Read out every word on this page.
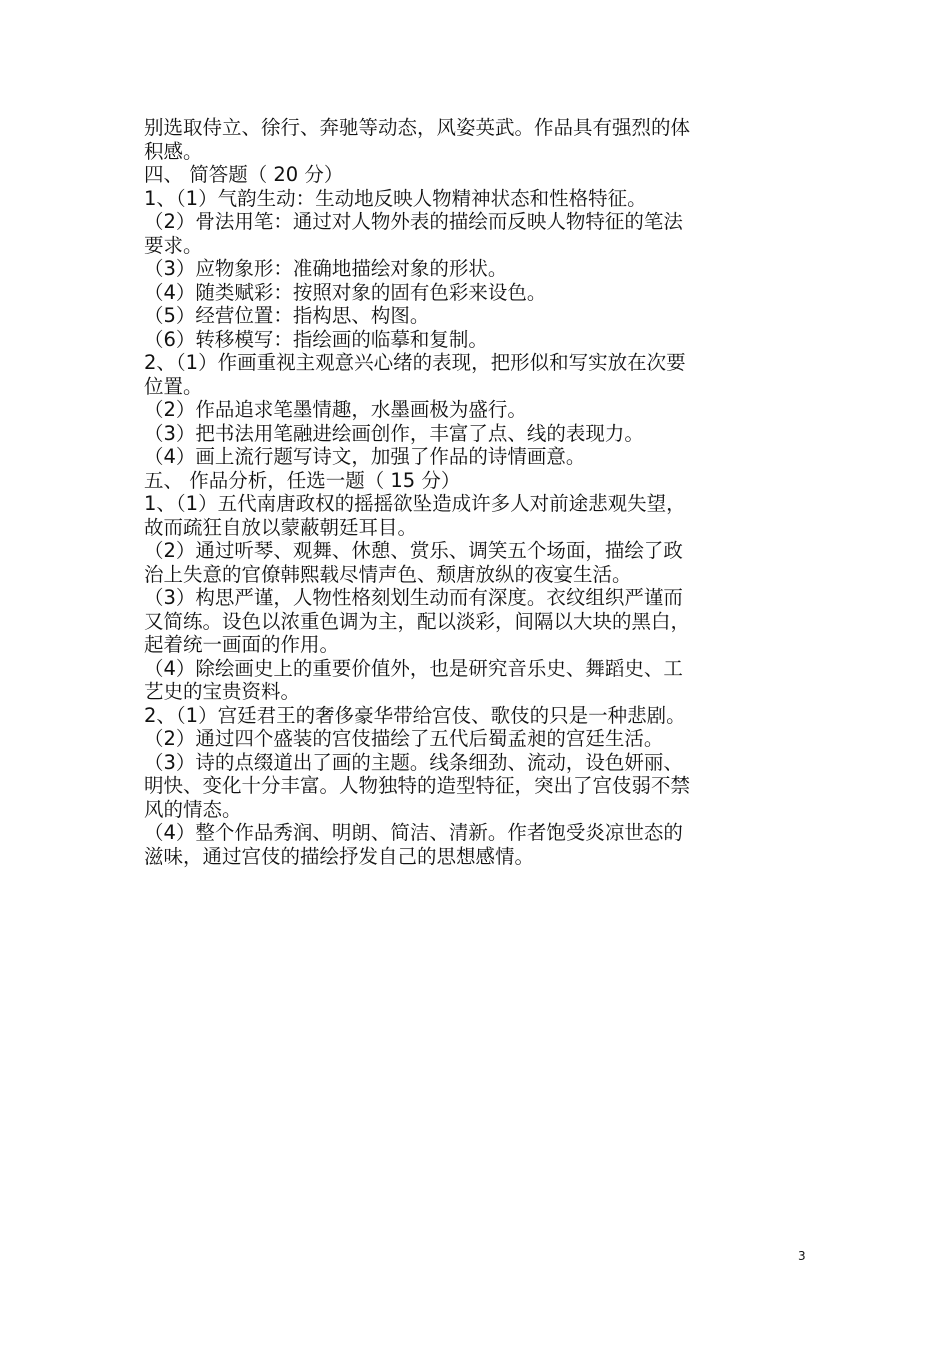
别选取侍立、徐行、奔驰等动态，风姿英武。作品具有强烈的体
积感。
四、 简答题（ 20 分）
1、（1）气韵生动：生动地反映人物精神状态和性格特征。
（2）骨法用笔：通过对人物外表的描绘而反映人物特征的笔法
要求。
（3）应物象形：准确地描绘对象的形状。
（4）随类赋彩：按照对象的固有色彩来设色。
（5）经营位置：指构思、构图。
（6）转移模写：指绘画的临摹和复制。
2、（1）作画重视主观意兴心绪的表现，把形似和写实放在次要
位置。
（2）作品追求笔墨情趣，水墨画极为盛行。
（3）把书法用笔融进绘画创作，丰富了点、线的表现力。
（4）画上流行题写诗文，加强了作品的诗情画意。
五、 作品分析，任选一题（ 15 分）
1、（1）五代南唐政权的摇摇欲坠造成许多人对前途悲观失望，
故而疏狂自放以蒙蔽朝廷耳目。
（2）通过听琴、观舞、休憩、赏乐、调笑五个场面，描绘了政
治上失意的官僚韩熙载尽情声色、颓唐放纵的夜宴生活。
（3）构思严谨，人物性格刻划生动而有深度。衣纹组织严谨而
又简练。设色以浓重色调为主，配以淡彩，间隔以大块的黑白，
起着统一画面的作用。
（4）除绘画史上的重要价值外，也是研究音乐史、舞蹈史、工
艺史的宝贵资料。
2、（1）宫廷君王的奢侈豪华带给宫伎、歌伎的只是一种悲剧。
（2）通过四个盛装的宫伎描绘了五代后蜀孟昶的宫廷生活。
（3）诗的点缀道出了画的主题。线条细劲、流动，设色妍丽、
明快、变化十分丰富。人物独特的造型特征，突出了宫伎弱不禁
风的情态。
（4）整个作品秀润、明朗、简洁、清新。作者饱受炎凉世态的
滋味，通过宫伎的描绘抒发自己的思想感情。
3
